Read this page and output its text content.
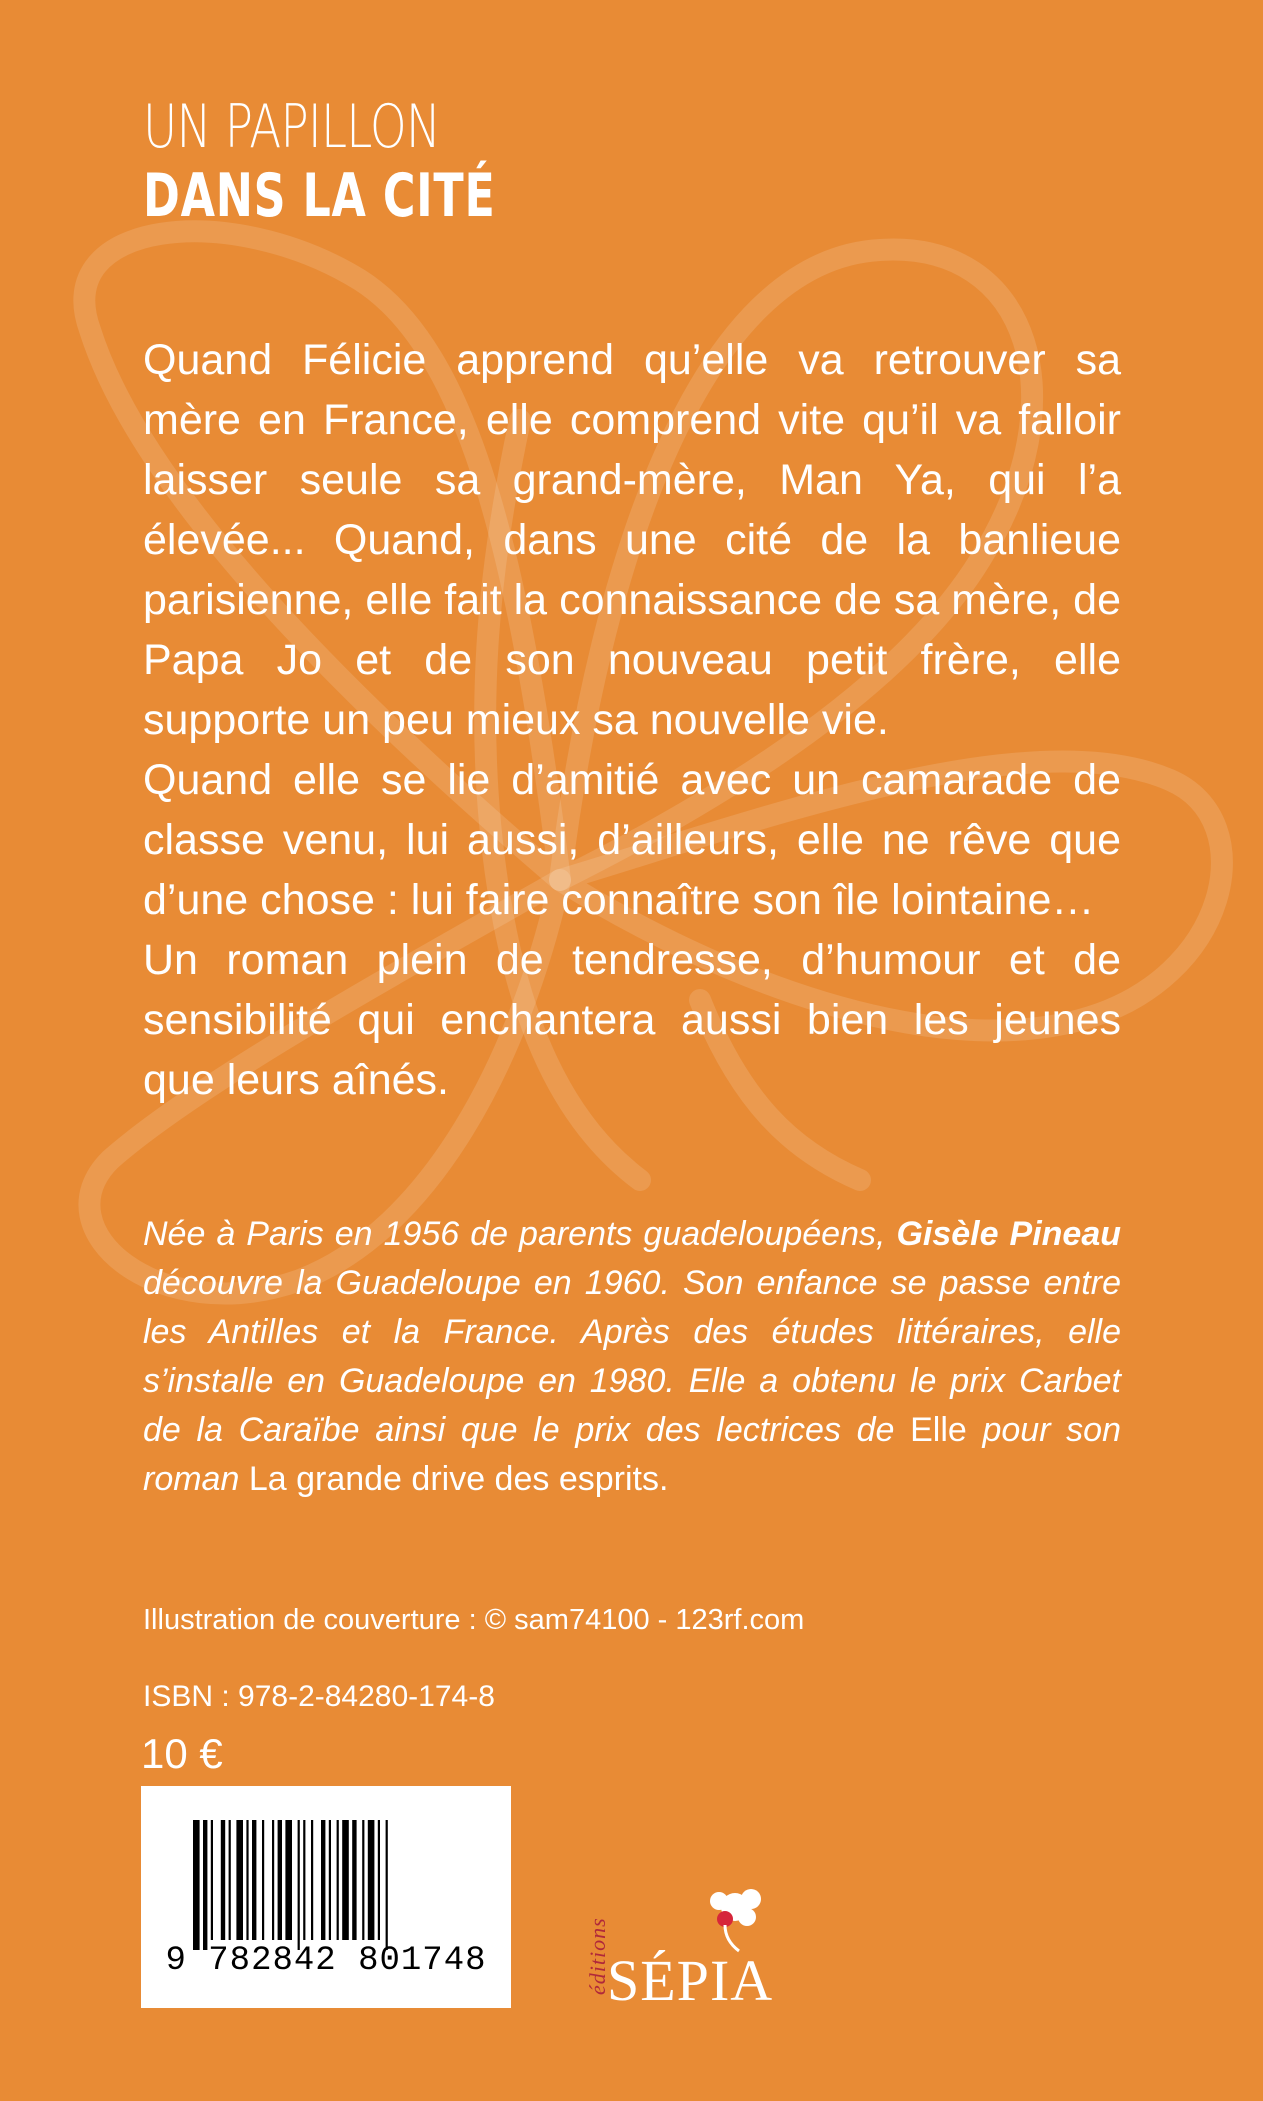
UN PAPILLON
DANS LA CITÉ

Quand Félicie apprend qu’elle va retrouver sa mère en France, elle comprend vite qu’il va falloir laisser seule sa grand-mère, Man Ya, qui l’a élevée... Quand, dans une cité de la banlieue parisienne, elle fait la connaissance de sa mère, de Papa Jo et de son nouveau petit frère, elle supporte un peu mieux sa nouvelle vie.

Quand elle se lie d’amitié avec un camarade de classe venu, lui aussi, d’ailleurs, elle ne rêve que d’une chose : lui faire connaître son île lointaine…

Un roman plein de tendresse, d’humour et de sensibilité qui enchantera aussi bien les jeunes que leurs aînés.

Née à Paris en 1956 de parents guadeloupéens, Gisèle Pineau découvre la Guadeloupe en 1960. Son enfance se passe entre les Antilles et la France. Après des études littéraires, elle s’installe en Guadeloupe en 1980. Elle a obtenu le prix Carbet de la Caraïbe ainsi que le prix des lectrices de Elle pour son roman La grande drive des esprits.

Illustration de couverture : © sam74100 - 123rf.com
ISBN : 978-2-84280-174-8
10 €
9 782842 801748	éditions
SÉPIA
